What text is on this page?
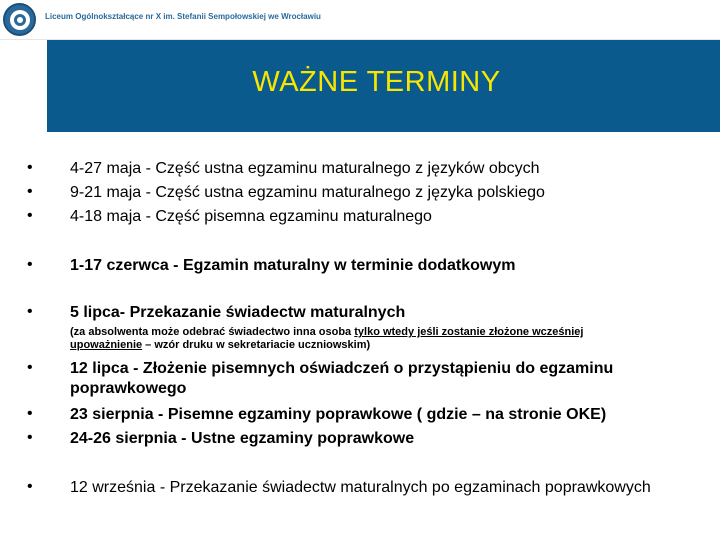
Liceum Ogólnokształcące nr X im. Stefanii Sempołowskiej we Wrocławiu
WAŻNE TERMINY
• 4-27 maja - Część ustna egzaminu maturalnego z języków obcych
• 9-21 maja - Część ustna egzaminu maturalnego z języka polskiego
• 4-18 maja - Część pisemna egzaminu maturalnego
• 1-17 czerwca - Egzamin maturalny w terminie dodatkowym
• 5 lipca- Przekazanie świadectw maturalnych
(za absolwenta może odebrać świadectwo inna osoba tylko wtedy jeśli zostanie złożone wcześniej upoważnienie – wzór druku w sekretariacie uczniowskim)
• 12 lipca - Złożenie pisemnych oświadczeń o przystąpieniu do egzaminu poprawkowego
• 23 sierpnia - Pisemne egzaminy poprawkowe ( gdzie – na stronie OKE)
• 24-26 sierpnia - Ustne egzaminy poprawkowe
• 12 września - Przekazanie świadectw maturalnych po egzaminach poprawkowych
